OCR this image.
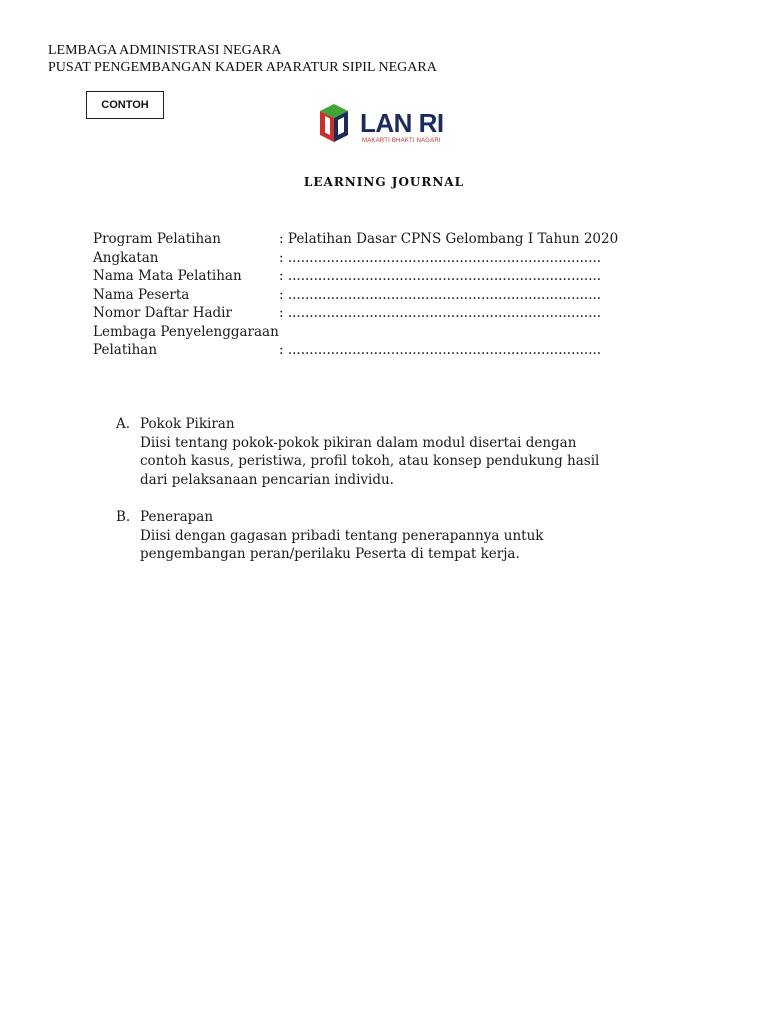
LEMBAGA ADMINISTRASI NEGARA
PUSAT PENGEMBANGAN KADER APARATUR SIPIL NEGARA
CONTOH
LAN RI
MAKARTI BHAKTI NAGARI
LEARNING JOURNAL
Program Pelatihan	: Pelatihan Dasar CPNS Gelombang I Tahun 2020
Angkatan	: .........................................................................
Nama Mata Pelatihan	: .........................................................................
Nama Peserta	: .........................................................................
Nomor Daftar Hadir	: .........................................................................
Lembaga Penyelenggaraan
Pelatihan	: .........................................................................
A. Pokok Pikiran
Diisi tentang pokok-pokok pikiran dalam modul disertai dengan
contoh kasus, peristiwa, profil tokoh, atau konsep pendukung hasil
dari pelaksanaan pencarian individu.
B. Penerapan
Diisi dengan gagasan pribadi tentang penerapannya untuk
pengembangan peran/perilaku Peserta di tempat kerja.
